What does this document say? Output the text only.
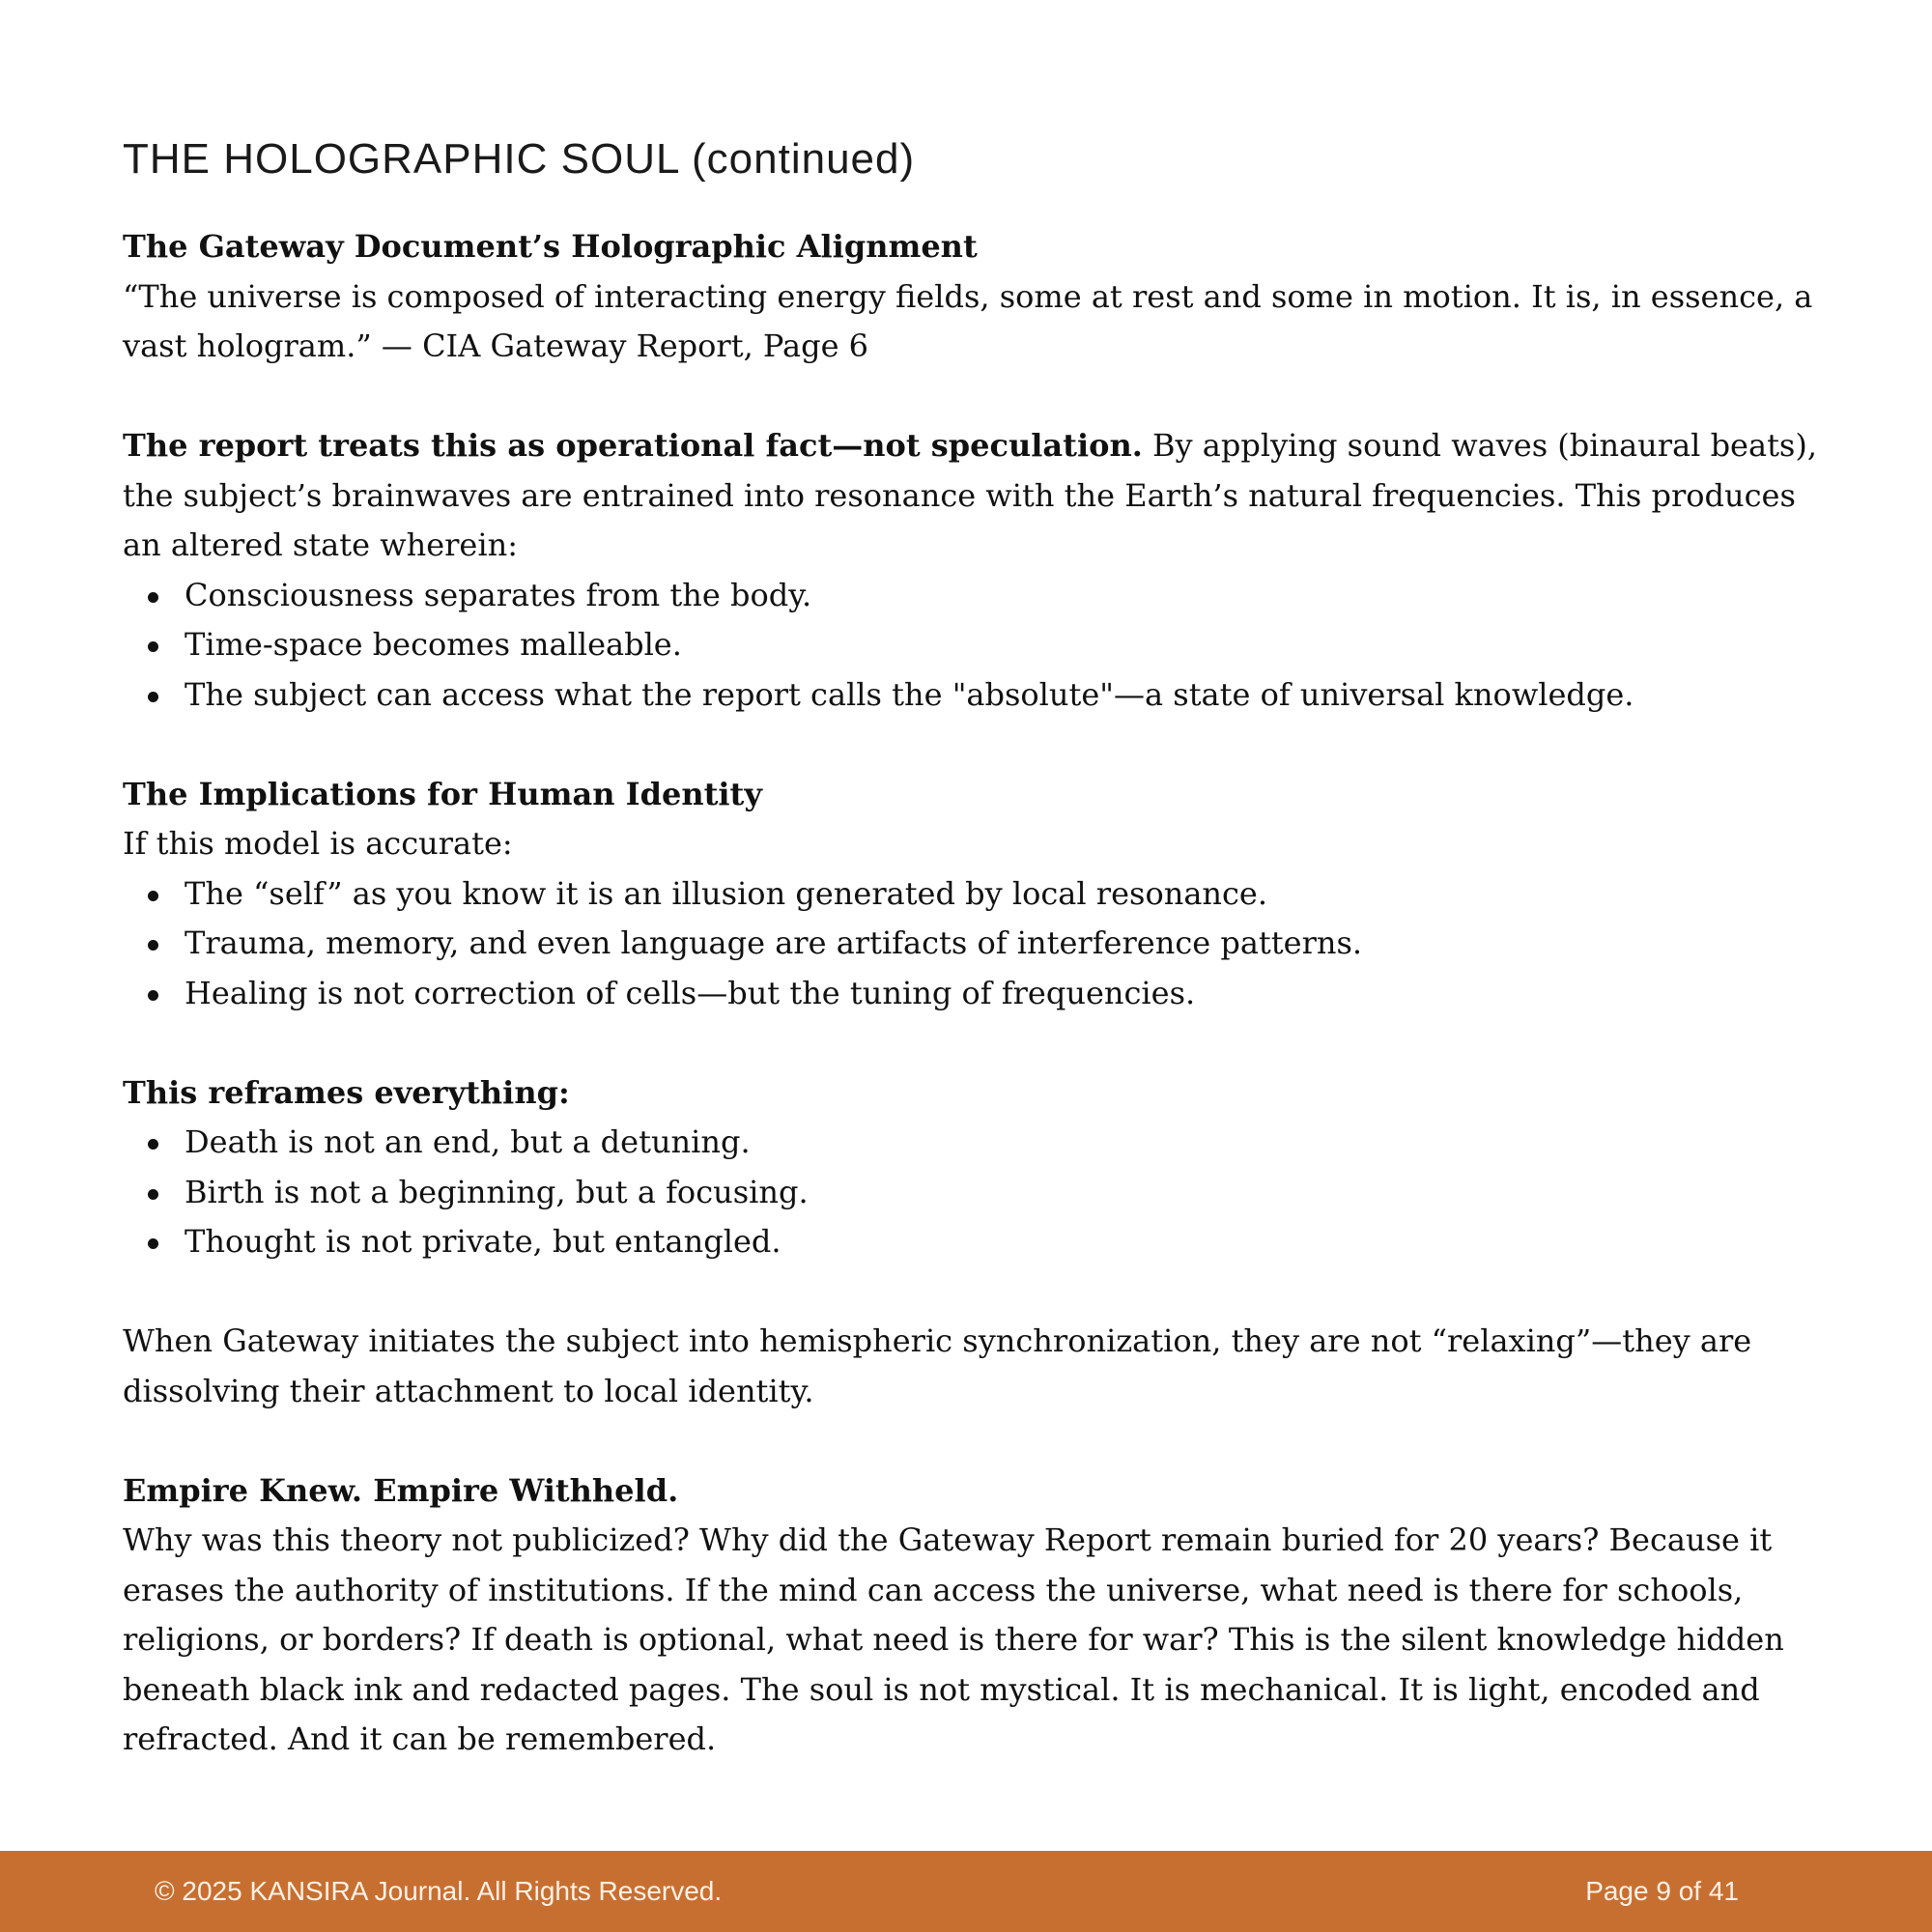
THE HOLOGRAPHIC SOUL (continued)

The Gateway Document’s Holographic Alignment

“The universe is composed of interacting energy fields, some at rest and some in motion. It is, in essence, a vast hologram.” — CIA Gateway Report, Page 6

The report treats this as operational fact—not speculation. By applying sound waves (binaural beats), the subject’s brainwaves are entrained into resonance with the Earth’s natural frequencies. This produces an altered state wherein:

Consciousness separates from the body.
Time-space becomes malleable.
The subject can access what the report calls the "absolute"—a state of universal knowledge.

The Implications for Human Identity

If this model is accurate:

The “self” as you know it is an illusion generated by local resonance.
Trauma, memory, and even language are artifacts of interference patterns.
Healing is not correction of cells—but the tuning of frequencies.

This reframes everything:

Death is not an end, but a detuning.
Birth is not a beginning, but a focusing.
Thought is not private, but entangled.

When Gateway initiates the subject into hemispheric synchronization, they are not “relaxing”—they are dissolving their attachment to local identity.

Empire Knew. Empire Withheld.

Why was this theory not publicized? Why did the Gateway Report remain buried for 20 years? Because it erases the authority of institutions. If the mind can access the universe, what need is there for schools, religions, or borders? If death is optional, what need is there for war? This is the silent knowledge hidden beneath black ink and redacted pages. The soul is not mystical. It is mechanical. It is light, encoded and refracted. And it can be remembered.

© 2025 KANSIRA Journal. All Rights Reserved.	Page 9 of 41
